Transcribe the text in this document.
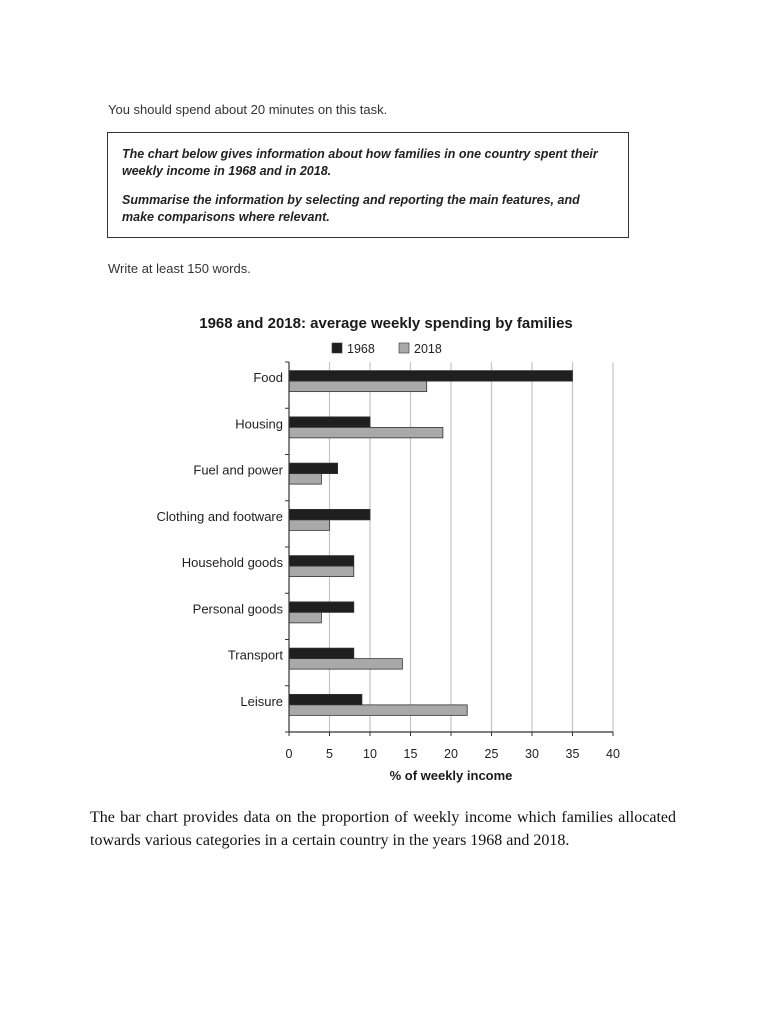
You should spend about 20 minutes on this task.

The chart below gives information about how families in one country spent their weekly income in 1968 and in 2018.

Summarise the information by selecting and reporting the main features, and make comparisons where relevant.

Write at least 150 words.
1968 and 2018: average weekly spending by families
1968	2018
Food
Housing
Fuel and power
Clothing and footware
Household goods
Personal goods
Transport
Leisure
0	5 10 15 20 25 30 35 40
% of weekly income

The bar chart provides data on the proportion of weekly income which families allocated towards various categories in a certain country in the years 1968 and 2018.
